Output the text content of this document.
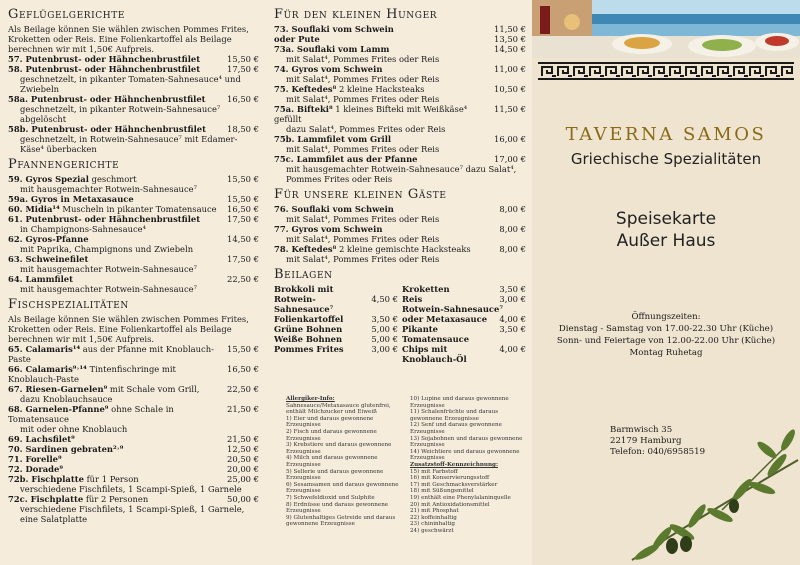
Geflügelgerichte
Als Beilage können Sie wählen zwischen Pommes Frites, Kroketten oder Reis. Eine Folienkartoffel als Beilage berechnen wir mit 1,50€ Aufpreis.
57. Putenbrust- oder Hähnchenbrustfilet	15,50 €
58. Putenbrust- oder Hähnchenbrustfilet	17,50 €
geschnetzelt, in pikanter Tomaten-Sahnesauce⁴ und Zwiebeln
58a. Putenbrust- oder Hähnchenbrustfilet	16,50 €
geschnetzelt, in pikanter Rotwein-Sahnesauce⁷ abgelöscht
58b. Putenbrust- oder Hähnchenbrustfilet	18,50 €
geschnetzelt, in Rotwein-Sahnesauce⁷ mit Edamer-Käse⁴ überbacken
Pfannengerichte
59. Gyros Spezial geschmort	15,50 €
mit hausgemachter Rotwein-Sahnesauce⁷
59a. Gyros in Metaxasauce	15,50 €
60. Midia¹⁴ Muscheln in pikanter Tomatensauce	16,50 €
61. Putenbrust- oder Hähnchenbrustfilet	17,50 €
in Champignons-Sahnesauce⁴
62. Gyros-Pfanne	14,50 €
mit Paprika, Champignons und Zwiebeln
63. Schweinefilet	17,50 €
mit hausgemachter Rotwein-Sahnesauce⁷
64. Lammfilet	22,50 €
mit hausgemachter Rotwein-Sahnesauce⁷
Fischspezialitäten
Als Beilage können Sie wählen zwischen Pommes Frites, Kroketten oder Reis. Eine Folienkartoffel als Beilage berechnen wir mit 1,50€ Aufpreis.
65. Calamaris¹⁴ aus der Pfanne mit Knoblauch-Paste
15,50 €
66. Calamaris⁹˒¹⁴ Tintenfischringe mit Knoblauch-Paste
16,50 €
67. Riesen-Garnelen⁹ mit Schale vom Grill,	22,50 €
dazu Knoblauchsauce
68. Garnelen-Pfanne⁹ ohne Schale in Tomatensauce
21,50 €
mit oder ohne Knoblauch
69. Lachsfilet⁹	21,50 €
70. Sardinen gebraten²˒⁹	12,50 €
71. Forelle⁹	20,50 €
72. Dorade⁹	20,00 €
72b. Fischplatte für 1 Person	25,00 €
verschiedene Fischfilets, 1 Scampi-Spieß, 1 Garnele
72c. Fischplatte für 2 Personen	50,00 €
verschiedene Fischfilets, 1 Scampi-Spieß, 1 Garnele, eine Salatplatte
Für den kleinen Hunger
73. Souflaki vom Schwein	11,50 €
oder Pute	13,50 €
73a. Souflaki vom Lamm	14,50 €
mit Salat⁴, Pommes Frites oder Reis
74. Gyros vom Schwein	11,00 €
mit Salat⁴, Pommes Frites oder Reis
75. Keftedes⁸ 2 kleine Hacksteaks	10,50 €
mit Salat⁴, Pommes Frites oder Reis
75a. Bifteki⁸ 1 kleines Bifteki mit Weißkäse⁴ gefüllt
11,50 €
dazu Salat⁴, Pommes Frites oder Reis
75b. Lammfilet vom Grill	16,00 €
mit Salat⁴, Pommes Frites oder Reis
75c. Lammfilet aus der Pfanne	17,00 €
mit hausgemachter Rotwein-Sahnesauce⁷ dazu Salat⁴, Pommes Frites oder Reis
Für unsere kleinen Gäste
76. Souflaki vom Schwein	8,00 €
mit Salat⁴, Pommes Frites oder Reis
77. Gyros vom Schwein	8,00 €
mit Salat⁴, Pommes Frites oder Reis
78. Keftedes⁸ 2 kleine gemischte Hacksteaks	8,00 €
mit Salat⁴, Pommes Frites oder Reis
Beilagen
Brokkoli mit
Rotwein-Sahnesauce⁷
4,50 €
Folienkartoffel	3,50 €
Grüne Bohnen	5,00 €
Weiße Bohnen	5,00 €
Pommes Frites	3,00 €
Kroketten	3,50 €
Reis	3,00 €
Rotwein-Sahnesauce⁷
oder Metaxasauce	4,00 €
Pikante Tomatensauce
3,50 €
Chips mit Knoblauch-Öl
4,00 €
Allergiker-Info:
Sahnesauce/Metaxasauce glutenfrei, enthält Milchzucker und Eiweiß
1) Eier und daraus gewonnene Erzeugnisse
2) Fisch und daraus gewonnene Erzeugnisse
3) Krebstiere und daraus gewonnene Erzeugnisse
4) Milch und daraus gewonnene Erzeugnisse
5) Sellerie und daraus gewonnene Erzeugnisse
6) Sesamsamen und daraus gewonnene Erzeugnisse
7) Schwefeldioxid und Sulphite
8) Erdnüsse und daraus gewonnene Erzeugnisse
9) Glutenhaltiges Getreide und daraus gewonnene Erzeugnisse
10) Lupine und daraus gewonnene Erzeugnisse
11) Schalenfrüchte und daraus gewonnene Erzeugnisse
12) Senf und daraus gewonnene Erzeugnisse
13) Sojabohnen und daraus gewonnene Erzeugnisse
14) Weichtiere und daraus gewonnene Erzeugnisse
Zusatzstoff-Kennzeichnung:
15) mit Farbstoff
16) mit Konservierungsstoff
17) mit Geschmacksverstärker
18) mit Süßungsmittel
19) enthält eine Phenylalaninquelle
20) mit Antioxidationsmittel
21) mit Phosphat
22) koffeinhaltig
23) chininhaltig
24) geschwärzt
TAVERNA SAMOS
Griechische Spezialitäten
Speisekarte
Außer Haus
Öffnungszeiten:
Dienstag - Samstag von 17.00-22.30 Uhr (Küche)
Sonn- und Feiertage von 12.00-22.00 Uhr (Küche)
Montag Ruhetag
Barmwisch 35
22179 Hamburg
Telefon: 040/6958519
